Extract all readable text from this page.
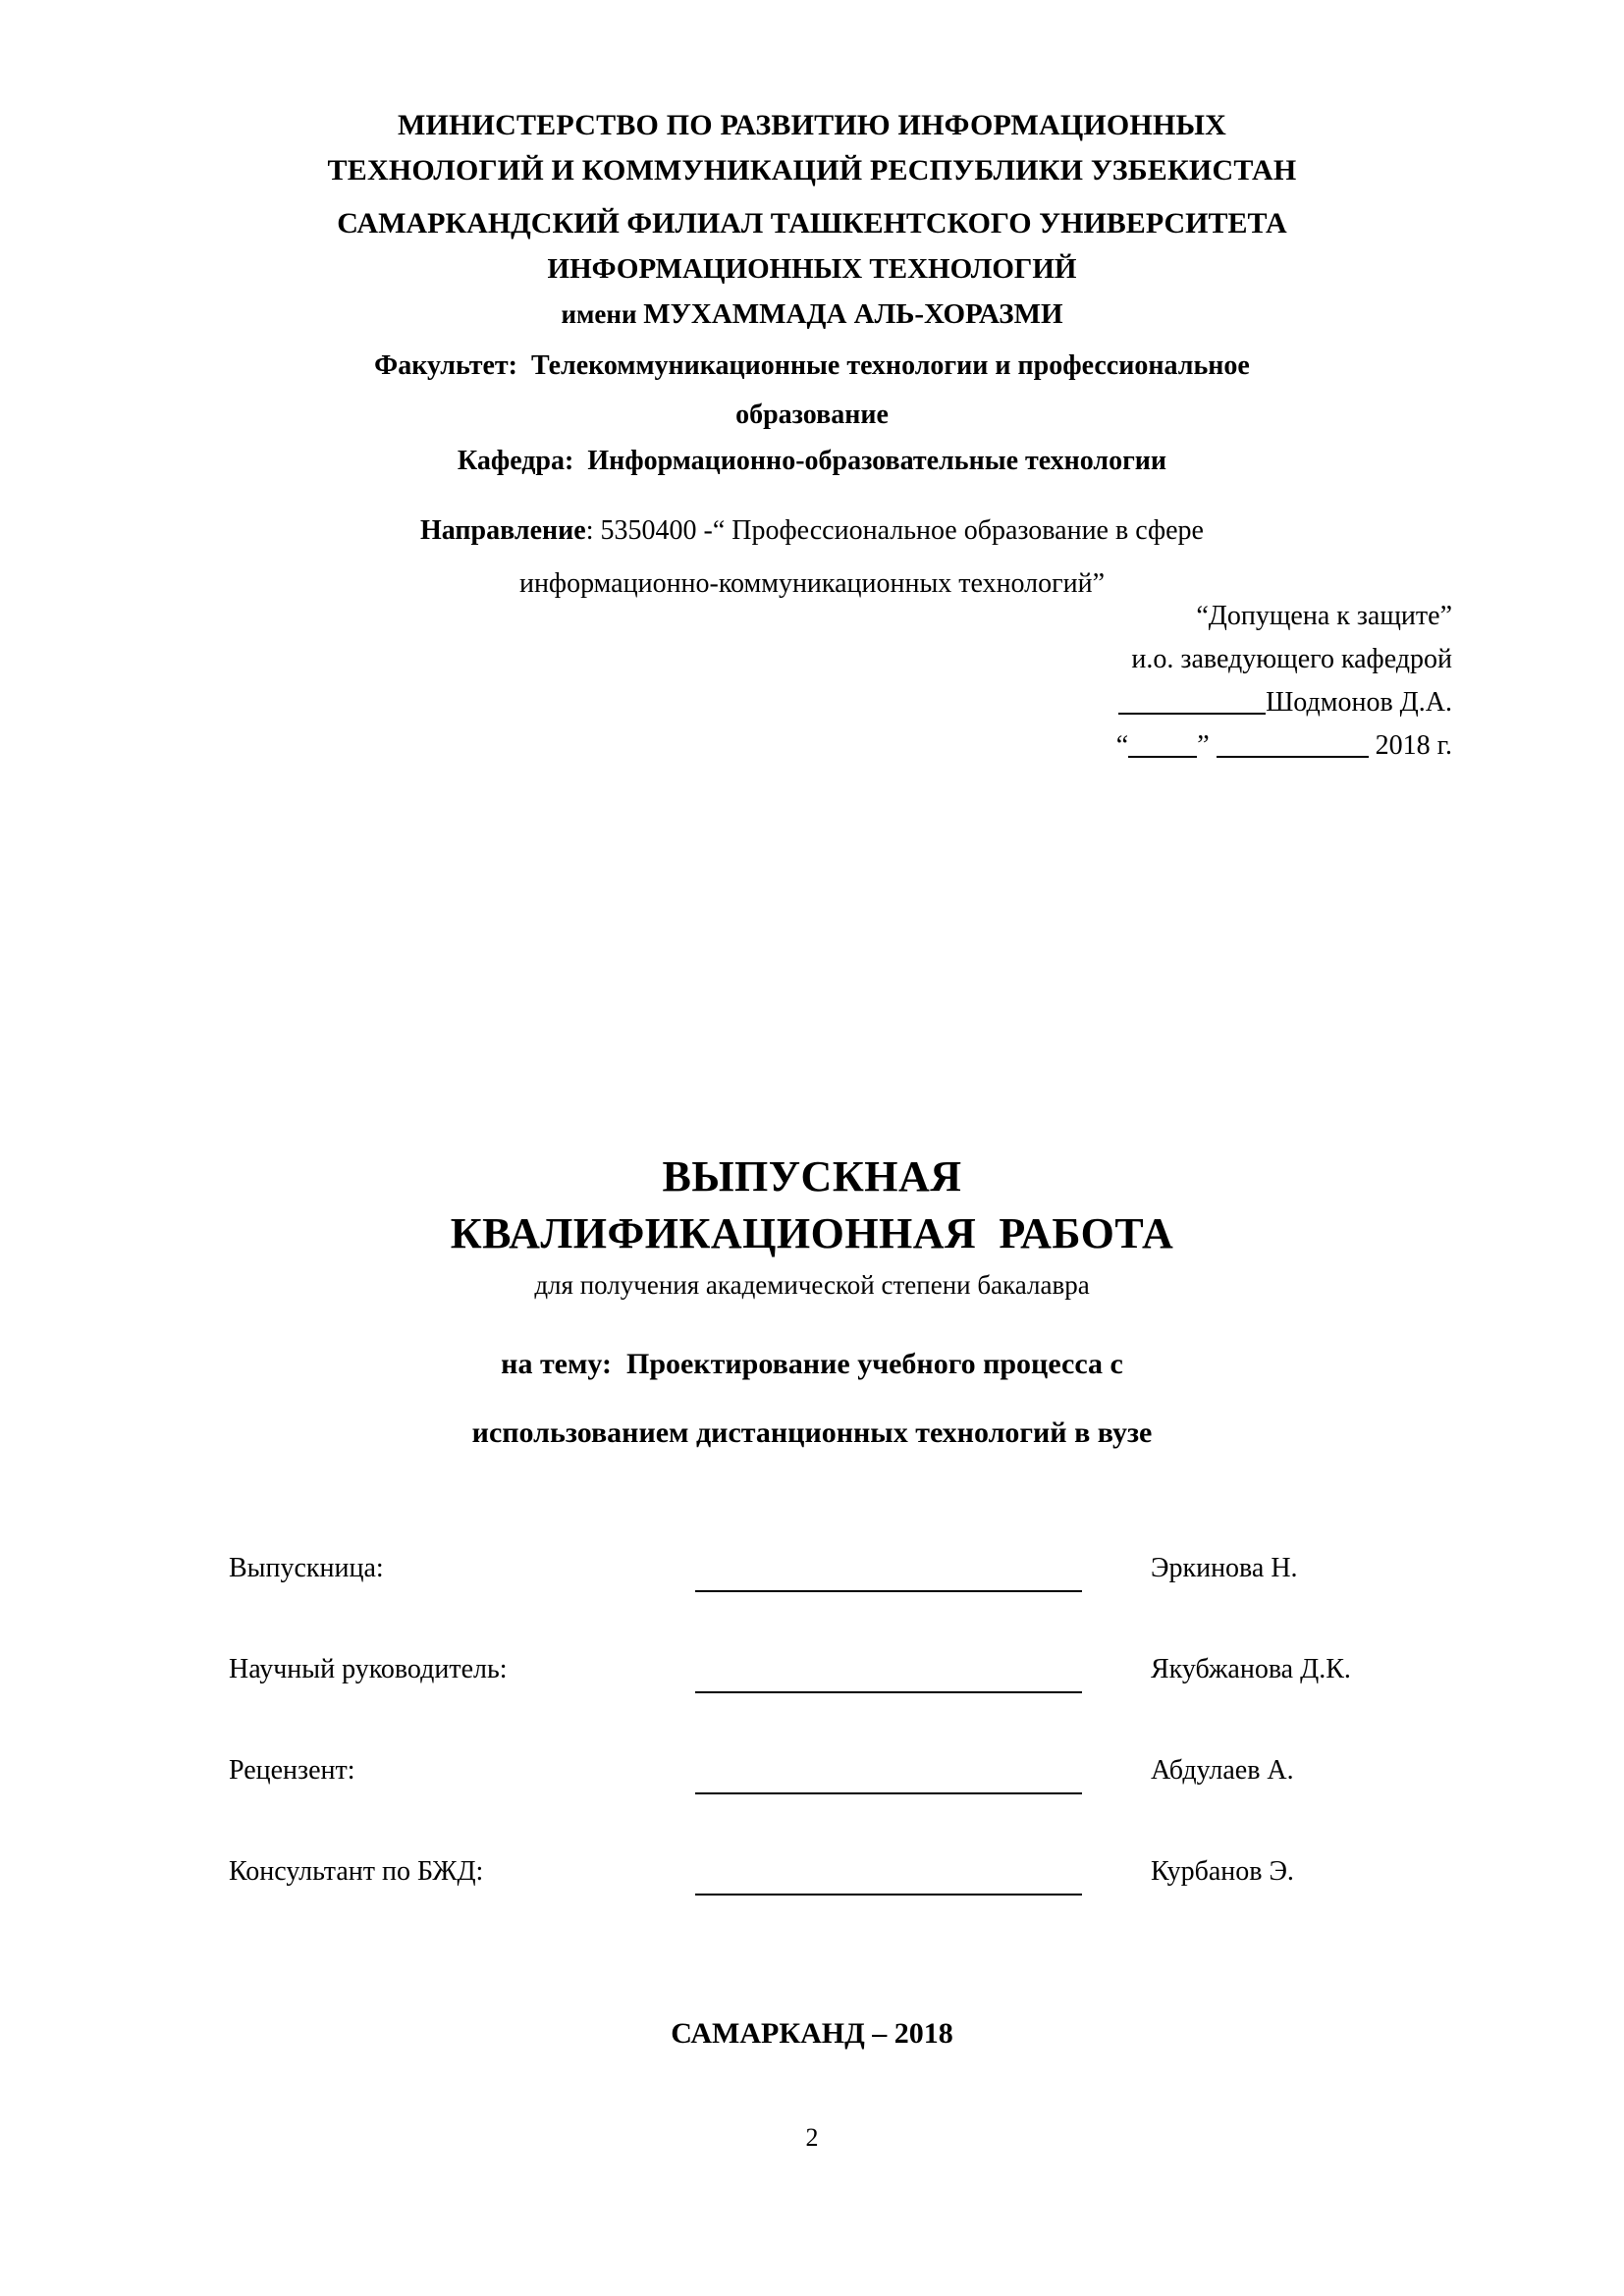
МИНИСТЕРСТВО ПО РАЗВИТИЮ ИНФОРМАЦИОННЫХ
ТЕХНОЛОГИЙ И КОММУНИКАЦИЙ РЕСПУБЛИКИ УЗБЕКИСТАН
САМАРКАНДСКИЙ ФИЛИАЛ ТАШКЕНТСКОГО УНИВЕРСИТЕТА
ИНФОРМАЦИОННЫХ ТЕХНОЛОГИЙ
имени МУХАММАДА АЛЬ-ХОРАЗМИ
Факультет: Телекоммуникационные технологии и профессиональное
образование
Кафедра: Информационно-образовательные технологии
Направление: 5350400 -“ Профессиональное образование в сфере
информационно-коммуникационных технологий”
“Допущена к защите”
и.о. заведующего кафедрой
Шодмонов Д.А.
“	”	2018 г.
ВЫПУСКНАЯ
КВАЛИФИКАЦИОННАЯ  РАБОТА
для получения академической степени бакалавра
на тему:  Проектирование учебного процесса с
использованием дистанционных технологий в вузе
Выпускница:	Эркинова Н.
Научный руководитель:	Якубжанова Д.К.
Рецензент:	Абдулаев А.
Консультант по БЖД:	Курбанов Э.
САМАРКАНД – 2018
2
